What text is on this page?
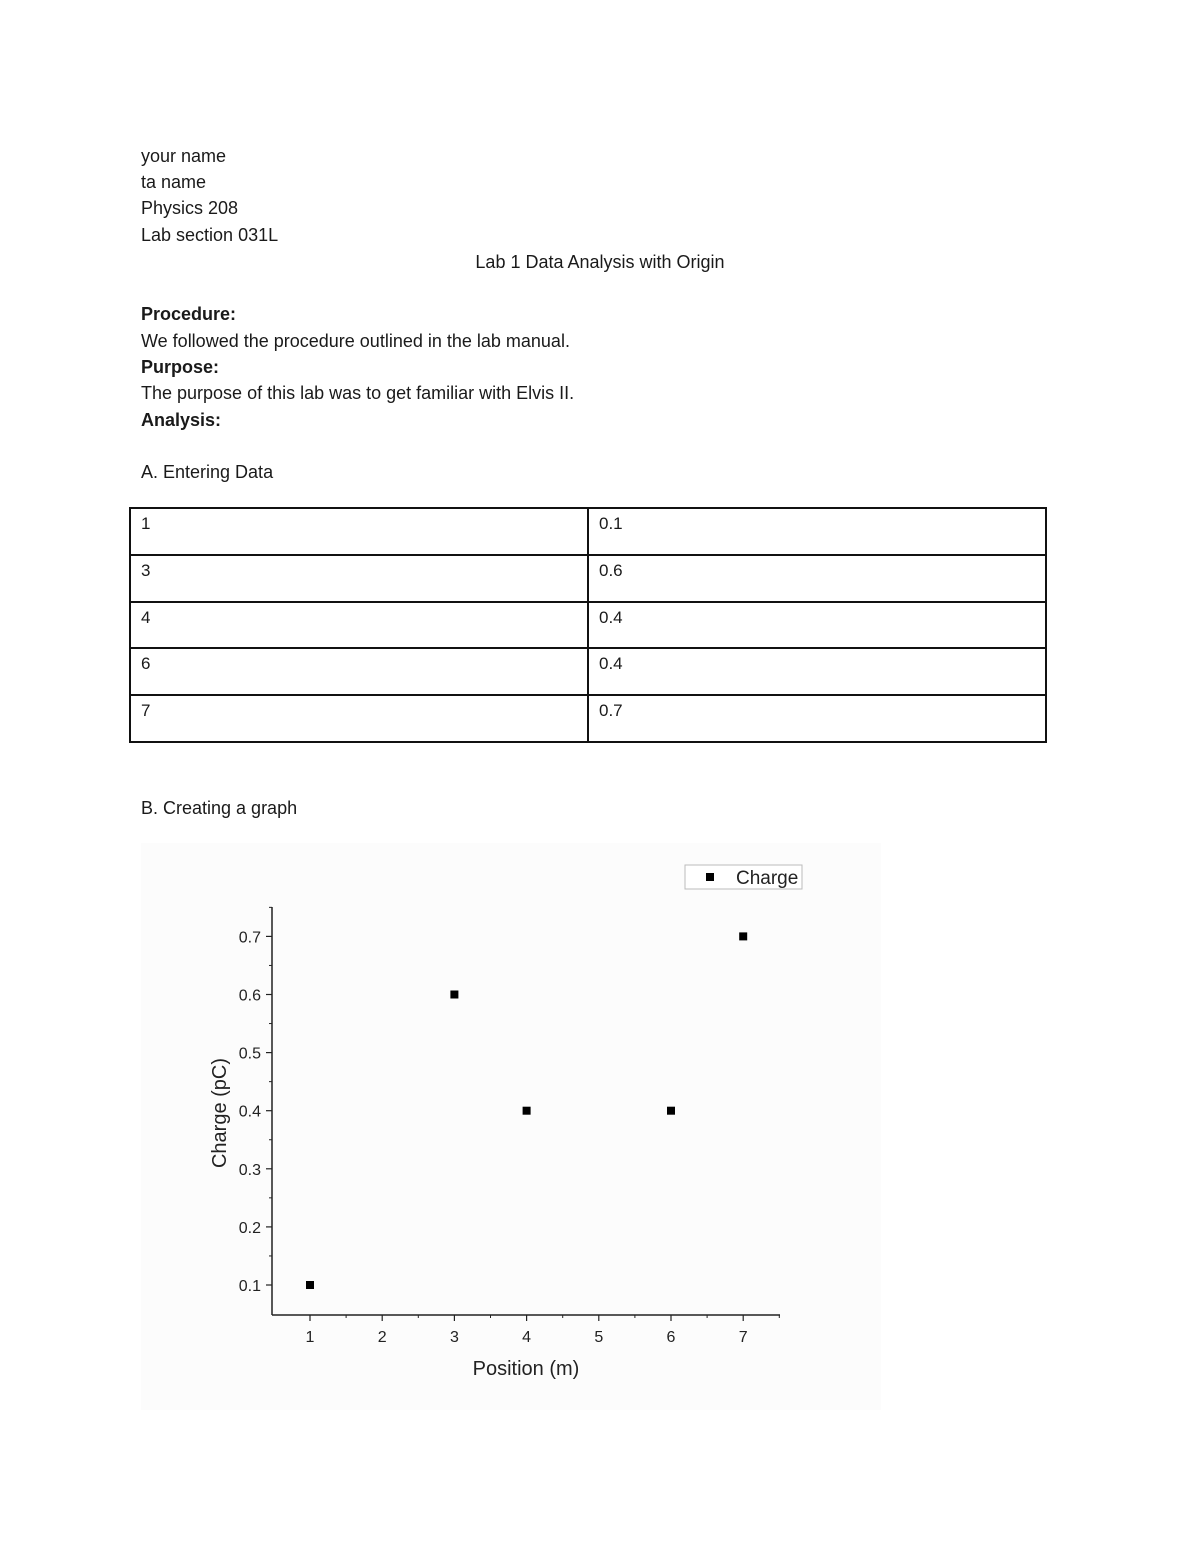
your name
ta name
Physics 208
Lab section 031L
Lab 1 Data Analysis with Origin
Procedure:
We followed the procedure outlined in the lab manual.
Purpose:
The purpose of this lab was to get familiar with Elvis II.
Analysis:
A. Entering Data
1	0.1
3	0.6
4	0.4
6	0.4
7	0.7
B. Creating a graph
Charge
1	2	3	4	5	6	7
0.1
0.2
0.3
0.4
0.5
0.6
0.7
Position (m)
Charge (pC)
